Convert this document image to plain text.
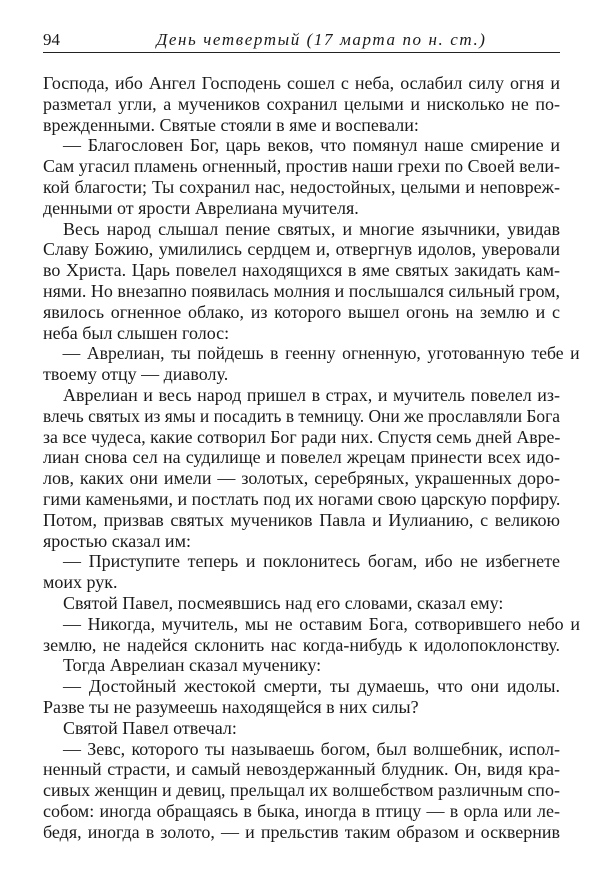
94	День четвертый (17 марта по н. ст.)
Господа, ибо Ангел Господень сошел с неба, ослабил силу огня и
разметал угли, а мучеников сохранил целыми и нисколько не по-
врежденными. Святые стояли в яме и воспевали:
— Благословен Бог, царь веков, что помянул наше смирение и
Сам угасил пламень огненный, простив наши грехи по Своей вели-
кой благости; Ты сохранил нас, недостойных, целыми и неповреж-
денными от ярости Аврелиана мучителя.
Весь народ слышал пение святых, и многие язычники, увидав
Славу Божию, умилились сердцем и, отвергнув идолов, уверовали
во Христа. Царь повелел находящихся в яме святых закидать кам-
нями. Но внезапно появилась молния и послышался сильный гром,
явилось огненное облако, из которого вышел огонь на землю и с
неба был слышен голос:
— Аврелиан, ты пойдешь в геенну огненную, уготованную тебе и
твоему отцу — диаволу.
Аврелиан и весь народ пришел в страх, и мучитель повелел из-
влечь святых из ямы и посадить в темницу. Они же прославляли Бога
за все чудеса, какие сотворил Бог ради них. Спустя семь дней Авре-
лиан снова сел на судилище и повелел жрецам принести всех идо-
лов, каких они имели — золотых, серебряных, украшенных доро-
гими каменьями, и постлать под их ногами свою царскую порфиру.
Потом, призвав святых мучеников Павла и Иулианию, с великою
яростью сказал им:
— Приступите теперь и поклонитесь богам, ибо не избегнете
моих рук.
Святой Павел, посмеявшись над его словами, сказал ему:
— Никогда, мучитель, мы не оставим Бога, сотворившего небо и
землю, не надейся склонить нас когда-нибудь к идолопоклонству.
Тогда Аврелиан сказал мученику:
— Достойный жестокой смерти, ты думаешь, что они идолы.
Разве ты не разумеешь находящейся в них силы?
Святой Павел отвечал:
— Зевс, которого ты называешь богом, был волшебник, испол-
ненный страсти, и самый невоздержанный блудник. Он, видя кра-
сивых женщин и девиц, прельщал их волшебством различным спо-
собом: иногда обращаясь в быка, иногда в птицу — в орла или ле-
бедя, иногда в золото, — и прельстив таким образом и осквернив
